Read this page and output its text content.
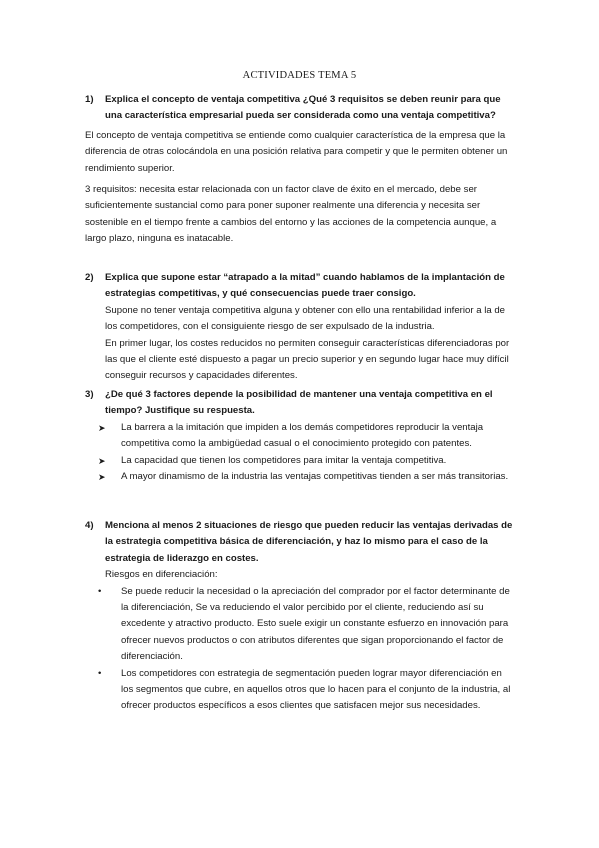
ACTIVIDADES TEMA 5
1) Explica el concepto de ventaja competitiva ¿Qué 3 requisitos se deben reunir para que una característica empresarial pueda ser considerada como una ventaja competitiva?

El concepto de ventaja competitiva se entiende como cualquier característica de la empresa que la diferencia de otras colocándola en una posición relativa para competir y que le permiten obtener un rendimiento superior.

3 requisitos: necesita estar relacionada con un factor clave de éxito en el mercado, debe ser suficientemente sustancial como para poner suponer realmente una diferencia y necesita ser sostenible en el tiempo frente a cambios del entorno y las acciones de la competencia aunque, a largo plazo, ninguna es inatacable.

2) Explica que supone estar “atrapado a la mitad” cuando hablamos de la implantación de estrategias competitivas, y qué consecuencias puede traer consigo.

Supone no tener ventaja competitiva alguna y obtener con ello una rentabilidad inferior a la de los competidores, con el consiguiente riesgo de ser expulsado de la industria.

En primer lugar, los costes reducidos no permiten conseguir características diferenciadoras por las que el cliente esté dispuesto a pagar un precio superior y en segundo lugar hace muy difícil conseguir recursos y capacidades diferentes.

3) ¿De qué 3 factores depende la posibilidad de mantener una ventaja competitiva en el tiempo? Justifique su respuesta.
➤ La barrera a la imitación que impiden a los demás competidores reproducir la ventaja competitiva como la ambigüedad casual o el conocimiento protegido con patentes.
➤ La capacidad que tienen los competidores para imitar la ventaja competitiva.
➤ A mayor dinamismo de la industria las ventajas competitivas tienden a ser más transitorias.
4) Menciona al menos 2 situaciones de riesgo que pueden reducir las ventajas derivadas de la estrategia competitiva básica de diferenciación, y haz lo mismo para el caso de la estrategia de liderazgo en costes.

Riesgos en diferenciación:

• Se puede reducir la necesidad o la apreciación del comprador por el factor determinante de la diferenciación, Se va reduciendo el valor percibido por el cliente, reduciendo así su excedente y atractivo producto. Esto suele exigir un constante esfuerzo en innovación para ofrecer nuevos productos o con atributos diferentes que sigan proporcionando el factor de diferenciación.
• Los competidores con estrategia de segmentación pueden lograr mayor diferenciación en los segmentos que cubre, en aquellos otros que lo hacen para el conjunto de la industria, al ofrecer productos específicos a esos clientes que satisfacen mejor sus necesidades.
